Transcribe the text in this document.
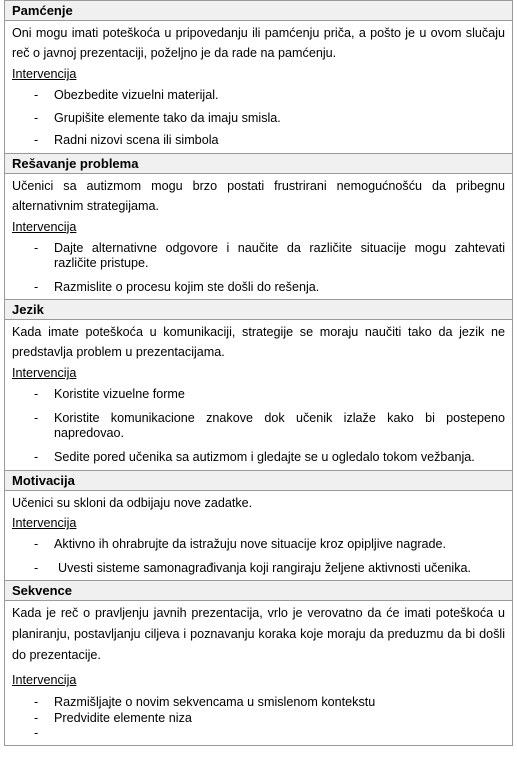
Pamćenje

Oni mogu imati poteškoća u pripovedanju ili pamćenju priča, a pošto je u ovom slučaju reč o javnoj prezentaciji, poželjno je da rade na pamćenju.

Intervencija
- Obezbedite vizuelni materijal.
- Grupišite elemente tako da imaju smisla.
- Radni nizovi scena ili simbola
Rešavanje problema

Učenici sa autizmom mogu brzo postati frustrirani nemogućnošću da pribegnu alternativnim strategijama.

Intervencija
- Dajte alternativne odgovore i naučite da različite situacije mogu zahtevati različite pristupe.
- Razmislite o procesu kojim ste došli do rešenja.
Jezik

Kada imate poteškoća u komunikaciji, strategije se moraju naučiti tako da jezik ne predstavlja problem u prezentacijama.

Intervencija
- Koristite vizuelne forme
- Koristite komunikacione znakove dok učenik izlaže kako bi postepeno napredovao.
- Sedite pored učenika sa autizmom i gledajte se u ogledalo tokom vežbanja.
Motivacija

Učenici su skloni da odbijaju nove zadatke.

Intervencija
- Aktivno ih ohrabrujte da istražuju nove situacije kroz opipljive nagrade.
- Uvesti sisteme samonagrađivanja koji rangiraju željene aktivnosti učenika.
Sekvence

Kada je reč o pravljenju javnih prezentacija, vrlo je verovatno da će imati poteškoća u planiranju, postavljanju ciljeva i poznavanju koraka koje moraju da preduzmu da bi došli do prezentacije.

Intervencija
- Razmišljajte o novim sekvencama u smislenom kontekstu
- Predvidite elemente niza
-
